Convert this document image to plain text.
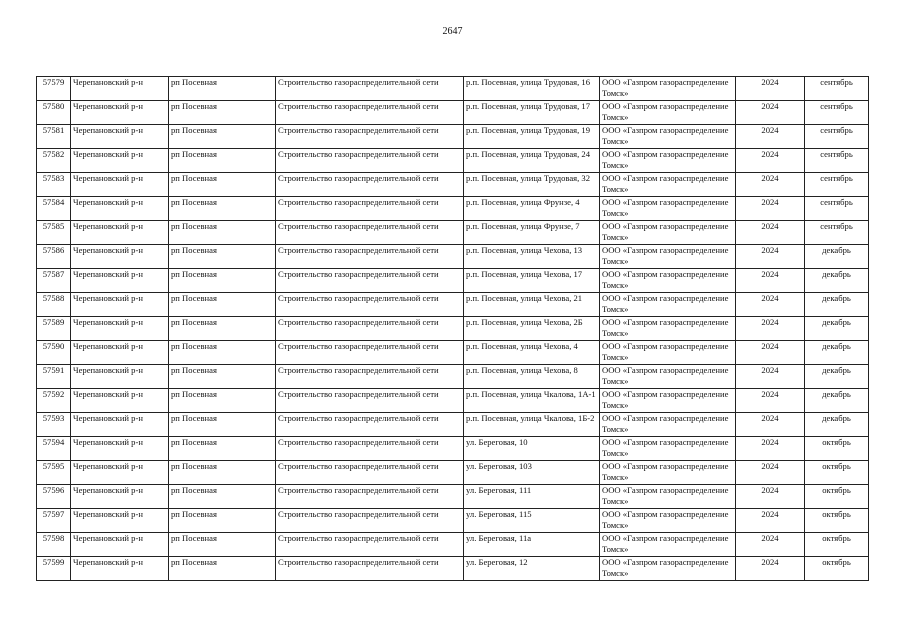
2647
57579	Черепановский р-н	рп Посевная	Строительство газораспределительной сети	р.п. Посевная, улица Трудовая, 16	ООО «Газпром газораспределение Томск»	2024	сентябрь
57580	Черепановский р-н	рп Посевная	Строительство газораспределительной сети	р.п. Посевная, улица Трудовая, 17	ООО «Газпром газораспределение Томск»	2024	сентябрь
57581	Черепановский р-н	рп Посевная	Строительство газораспределительной сети	р.п. Посевная, улица Трудовая, 19	ООО «Газпром газораспределение Томск»	2024	сентябрь
57582	Черепановский р-н	рп Посевная	Строительство газораспределительной сети	р.п. Посевная, улица Трудовая, 24	ООО «Газпром газораспределение Томск»	2024	сентябрь
57583	Черепановский р-н	рп Посевная	Строительство газораспределительной сети	р.п. Посевная, улица Трудовая, 32	ООО «Газпром газораспределение Томск»	2024	сентябрь
57584	Черепановский р-н	рп Посевная	Строительство газораспределительной сети	р.п. Посевная, улица Фрунзе, 4	ООО «Газпром газораспределение Томск»	2024	сентябрь
57585	Черепановский р-н	рп Посевная	Строительство газораспределительной сети	р.п. Посевная, улица Фрунзе, 7	ООО «Газпром газораспределение Томск»	2024	сентябрь
57586	Черепановский р-н	рп Посевная	Строительство газораспределительной сети	р.п. Посевная, улица Чехова, 13	ООО «Газпром газораспределение Томск»	2024	декабрь
57587	Черепановский р-н	рп Посевная	Строительство газораспределительной сети	р.п. Посевная, улица Чехова, 17	ООО «Газпром газораспределение Томск»	2024	декабрь
57588	Черепановский р-н	рп Посевная	Строительство газораспределительной сети	р.п. Посевная, улица Чехова, 21	ООО «Газпром газораспределение Томск»	2024	декабрь
57589	Черепановский р-н	рп Посевная	Строительство газораспределительной сети	р.п. Посевная, улица Чехова, 2Б	ООО «Газпром газораспределение Томск»	2024	декабрь
57590	Черепановский р-н	рп Посевная	Строительство газораспределительной сети	р.п. Посевная, улица Чехова, 4	ООО «Газпром газораспределение Томск»	2024	декабрь
57591	Черепановский р-н	рп Посевная	Строительство газораспределительной сети	р.п. Посевная, улица Чехова, 8	ООО «Газпром газораспределение Томск»	2024	декабрь
57592	Черепановский р-н	рп Посевная	Строительство газораспределительной сети	р.п. Посевная, улица Чкалова, 1А-1	ООО «Газпром газораспределение Томск»	2024	декабрь
57593	Черепановский р-н	рп Посевная	Строительство газораспределительной сети	р.п. Посевная, улица Чкалова, 1Б-2	ООО «Газпром газораспределение Томск»	2024	декабрь
57594	Черепановский р-н	рп Посевная	Строительство газораспределительной сети	ул. Береговая, 10	ООО «Газпром газораспределение Томск»	2024	октябрь
57595	Черепановский р-н	рп Посевная	Строительство газораспределительной сети	ул. Береговая, 103	ООО «Газпром газораспределение Томск»	2024	октябрь
57596	Черепановский р-н	рп Посевная	Строительство газораспределительной сети	ул. Береговая, 111	ООО «Газпром газораспределение Томск»	2024	октябрь
57597	Черепановский р-н	рп Посевная	Строительство газораспределительной сети	ул. Береговая, 115	ООО «Газпром газораспределение Томск»	2024	октябрь
57598	Черепановский р-н	рп Посевная	Строительство газораспределительной сети	ул. Береговая, 11а	ООО «Газпром газораспределение Томск»	2024	октябрь
57599	Черепановский р-н	рп Посевная	Строительство газораспределительной сети	ул. Береговая, 12	ООО «Газпром газораспределение Томск»	2024	октябрь
